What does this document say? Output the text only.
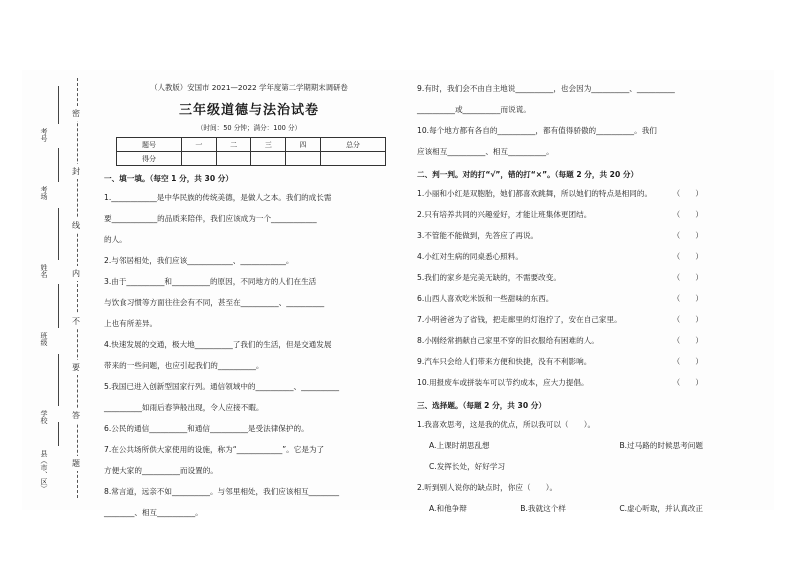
考号
考场
姓名
班级
学校
县（市、区）
密
封
线
内
不
要
答
题
（人教版）安国市 2021—2022 学年度第二学期期末调研卷
三年级道德与法治试卷
（时间：50 分钟；满分：100 分）
题号	一	二	三	四	总分
得分					
一、填一填。（每空 1 分，共 30 分）
1.____________是中华民族的传统美德，是做人之本。我们的成长需
要____________的品质来陪伴，我们应该成为一个____________
的人。
2.与邻居相处，我们应该____________、____________。
3.由于__________和__________的原因，不同地方的人们在生活
与饮食习惯等方面往往会有不同，甚至在__________、__________
上也有所差异。
4.快速发展的交通，极大地__________了我们的生活，但是交通发展
带来的一些问题，也应引起我们的__________。
5.我国已进入创新型国家行列。通信领域中的__________、__________
__________如雨后春笋般出现，令人应接不暇。
6.公民的通信__________和通信__________是受法律保护的。
7.在公共场所供大家使用的设施，称为“____________”。它是为了
方便大家的__________而设置的。
8.常言道，远亲不如__________。与邻里相处，我们应该相互________
________、相互__________。
9.有时，我们会不由自主地说__________，也会因为__________、__________
__________或__________而说谎。
10.每个地方都有各自的__________，都有值得骄傲的__________。我们
应该相互__________、相互__________。
二、判一判。对的打“√”，错的打“×”。（每题 2 分，共 20 分）
1.小丽和小红是双胞胎，她们都喜欢跳舞，所以她们的特点是相同的。	（　　）
2.只有培养共同的兴趣爱好，才能让班集体更团结。	（　　）
3.不管能不能做到，先答应了再说。	（　　）
4.小红对生病的同桌悉心照料。	（　　）
5.我们的家乡是完美无缺的，不需要改变。	（　　）
6.山西人喜欢吃米饭和一些甜味的东西。	（　　）
7.小明爸爸为了省钱，把走廊里的灯泡拧了，安在自己家里。	（　　）
8.小刚经常捐献自己家里不穿的旧衣服给有困难的人。	（　　）
9.汽车只会给人们带来方便和快捷，没有不利影响。	（　　）
10.用报废车或拼装车可以节约成本，应大力提倡。	（　　）
三、选择题。（每题 2 分，共 30 分）
1.我喜欢思考，这是我的优点，所以我可以（　　）。
A.上课时胡思乱想	B.过马路的时候思考问题
C.发挥长处，好好学习
2.听到别人说你的缺点时，你应（　　）。
A.和他争辩	B.我就这个样	C.虚心听取，并认真改正
